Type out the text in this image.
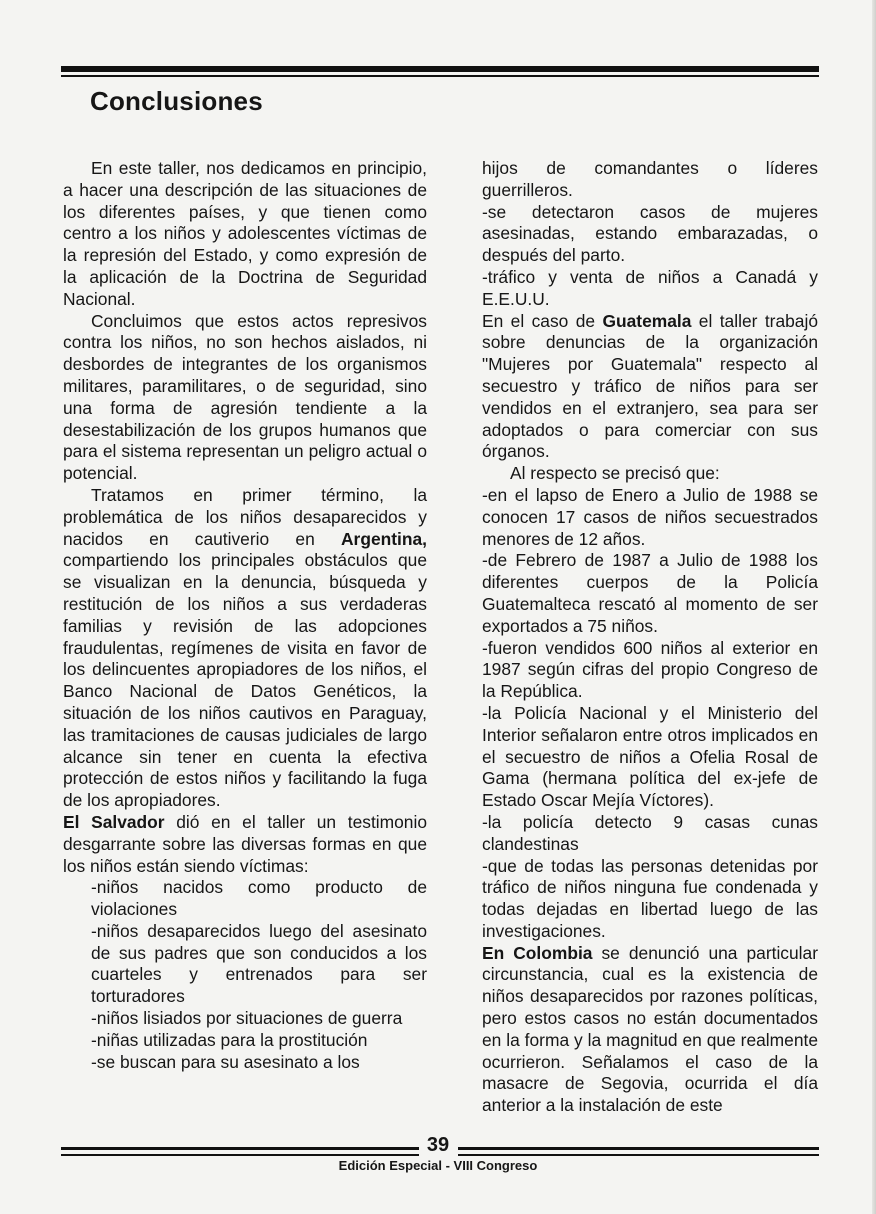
Conclusiones

En este taller, nos dedicamos en principio, a hacer una descripción de las situaciones de los diferentes países, y que tienen como centro a los niños y adolescentes víctimas de la represión del Estado, y como expresión de la aplicación de la Doctrina de Seguridad Nacional.

Concluimos que estos actos represivos contra los niños, no son hechos aislados, ni desbordes de integrantes de los organismos militares, paramilitares, o de seguridad, sino una forma de agresión tendiente a la desestabilización de los grupos humanos que para el sistema representan un peligro actual o potencial.

Tratamos en primer término, la problemática de los niños desaparecidos y nacidos en cautiverio en Argentina, compartiendo los principales obstáculos que se visualizan en la denuncia, búsqueda y restitución de los niños a sus verdaderas familias y revisión de las adopciones fraudulentas, regímenes de visita en favor de los delincuentes apropiadores de los niños, el Banco Nacional de Datos Genéticos, la situación de los niños cautivos en Paraguay, las tramitaciones de causas judiciales de largo alcance sin tener en cuenta la efectiva protección de estos niños y facilitando la fuga de los apropiadores.

El Salvador dió en el taller un testimonio desgarrante sobre las diversas formas en que los niños están siendo víctimas:

-niños nacidos como producto de violaciones

-niños desaparecidos luego del asesinato de sus padres que son conducidos a los cuarteles y entrenados para ser torturadores

-niños lisiados por situaciones de guerra

-niñas utilizadas para la prostitución

-se buscan para su asesinato a los

hijos de comandantes o líderes guerrilleros.

-se detectaron casos de mujeres asesinadas, estando embarazadas, o después del parto.

-tráfico y venta de niños a Canadá y E.E.U.U.

En el caso de Guatemala el taller trabajó sobre denuncias de la organización "Mujeres por Guatemala" respecto al secuestro y tráfico de niños para ser vendidos en el extranjero, sea para ser adoptados o para comerciar con sus órganos.

Al respecto se precisó que:

-en el lapso de Enero a Julio de 1988 se conocen 17 casos de niños secuestrados menores de 12 años.

-de Febrero de 1987 a Julio de 1988 los diferentes cuerpos de la Policía Guatemalteca rescató al momento de ser exportados a 75 niños.

-fueron vendidos 600 niños al exterior en 1987 según cifras del propio Congreso de la República.

-la Policía Nacional y el Ministerio del Interior señalaron entre otros implicados en el secuestro de niños a Ofelia Rosal de Gama (hermana política del ex-jefe de Estado Oscar Mejía Víctores).

-la policía detecto 9 casas cunas clandestinas

-que de todas las personas detenidas por tráfico de niños ninguna fue condenada y todas dejadas en libertad luego de las investigaciones.

En Colombia se denunció una particular circunstancia, cual es la existencia de niños desaparecidos por razones políticas, pero estos casos no están documentados en la forma y la magnitud en que realmente ocurrieron. Señalamos el caso de la masacre de Segovia, ocurrida el día anterior a la instalación de este

39
Edición Especial - VIII Congreso
